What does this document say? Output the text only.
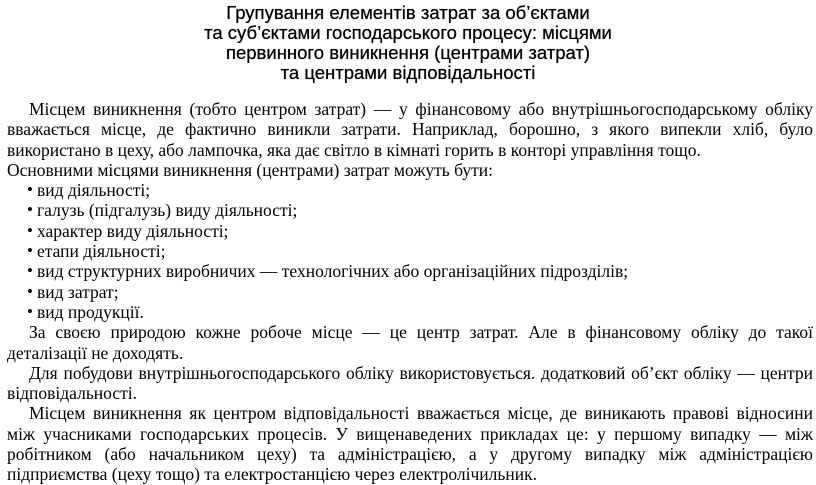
Групування елементів затрат за об’єктами
та суб’єктами господарського процесу: місцями
первинного виникнення (центрами затрат)
та центрами відповідальності

Місцем виникнення (тобто центром затрат) — у фінансовому або внутрішньогосподарському обліку вважається місце, де фактично виникли затрати. Наприклад, борошно, з якого випекли хліб, було використано в цеху, або лампочка, яка дає світло в кімнаті горить в конторі управління тощо.

Основними місцями виникнення (центрами) затрат можуть бути:

• вид діяльності;
• галузь (підгалузь) виду діяльності;
• характер виду діяльності;
• етапи діяльності;
• вид структурних виробничих — технологічних або організаційних підрозділів;
• вид затрат;
• вид продукції.

За своєю природою кожне робоче місце — це центр затрат. Але в фінансовому обліку до такої деталізації не доходять.

Для побудови внутрішньогосподарського обліку використовується. додатковий об’єкт обліку — центри відповідальності.

Місцем виникнення як центром відповідальності вважається місце, де виникають правові відносини між учасниками господарських процесів. У вищенаведених прикладах це: у першому випадку — між робітником (або начальником цеху) та адміністрацією, а у другому випадку між адміністрацією підприємства (цеху тощо) та електростанцією через електролічильник.
